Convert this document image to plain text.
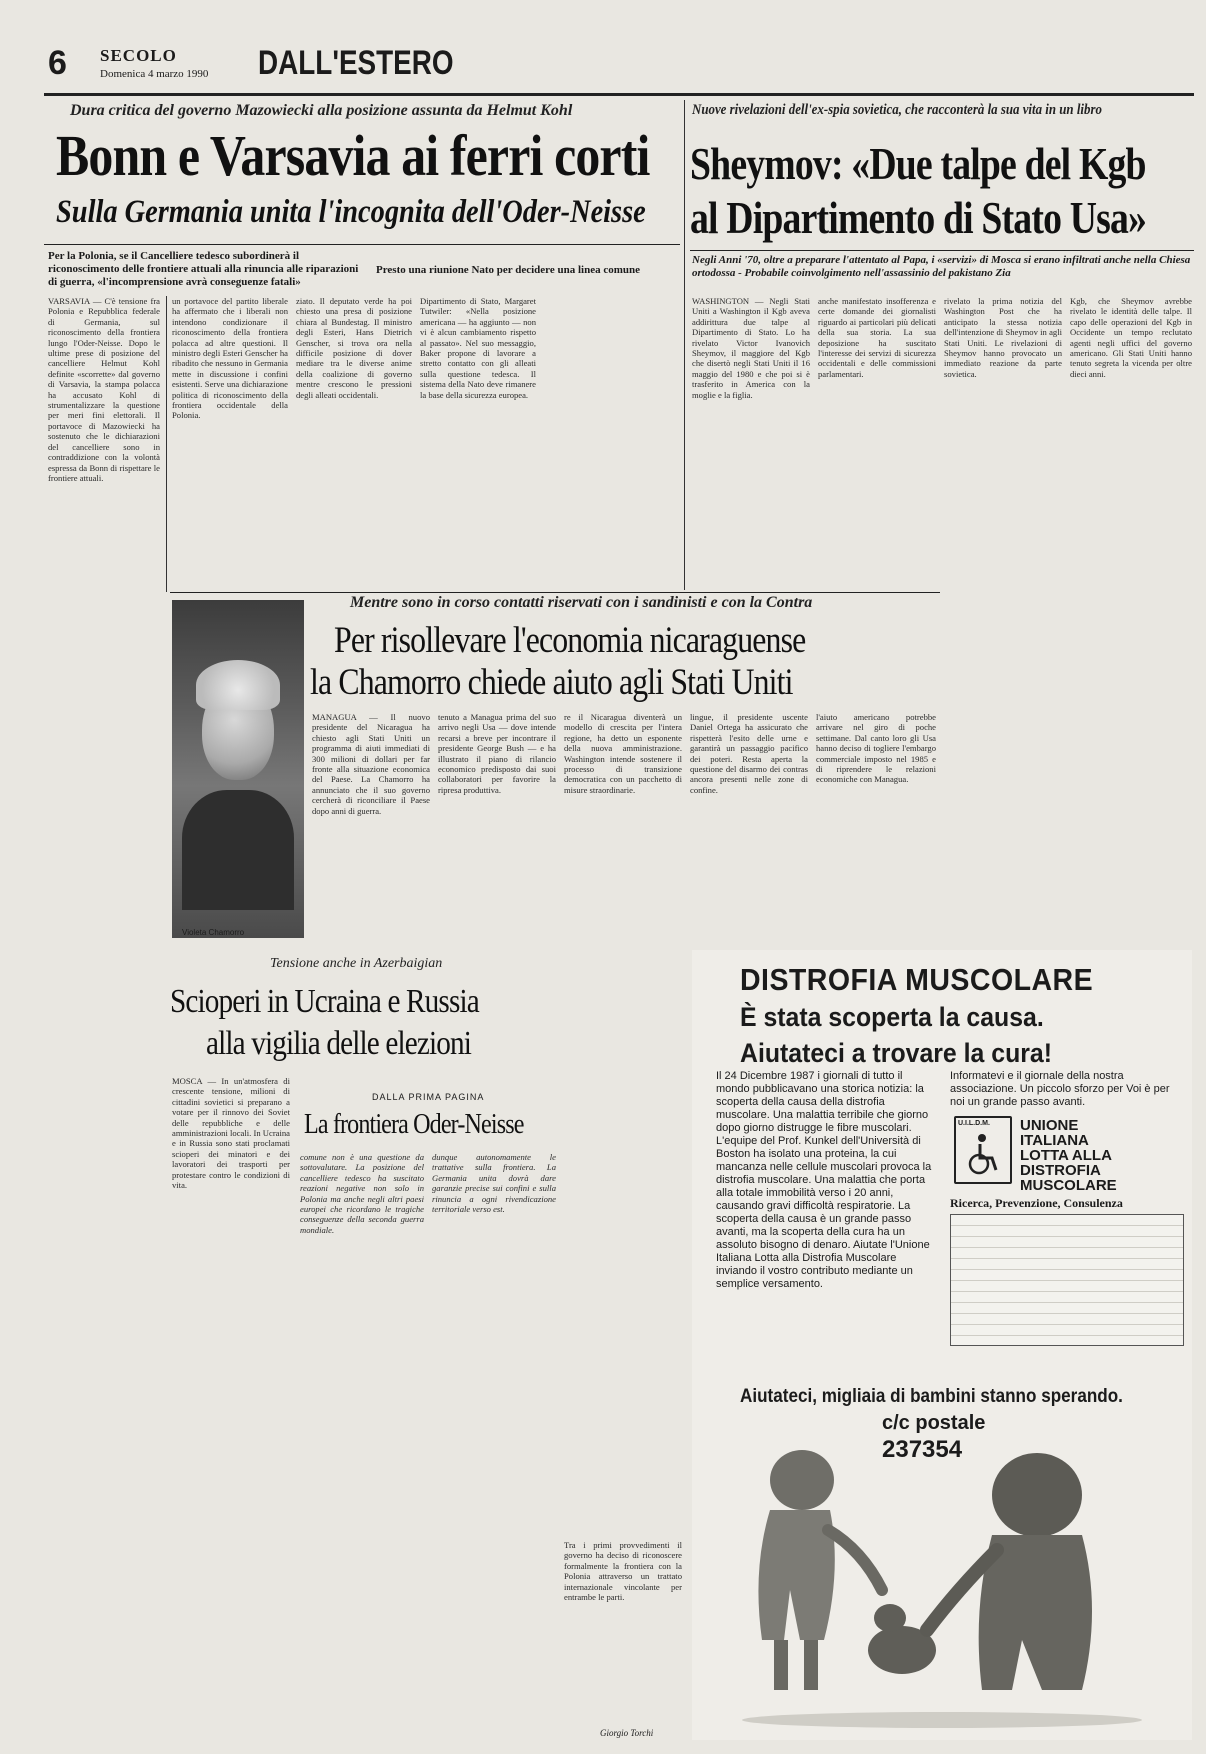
6 SECOLO
Domenica 4 marzo 1990 DALL'ESTERO
Dura critica del governo Mazowiecki alla posizione assunta da Helmut Kohl
Bonn e Varsavia ai ferri corti
Sulla Germania unita l'incognita dell'Oder-Neisse
Per la Polonia, se il Cancelliere tedesco subordinerà il riconoscimento delle frontiere attuali alla rinuncia alle riparazioni di guerra, «l'incomprensione avrà conseguenze fatali»
Presto una riunione Nato per decidere una linea comune
VARSAVIA — C'è tensione fra Polonia e Repubblica federale di Germania, sul riconoscimento della frontiera lungo l'Oder-Neisse. Dopo le ultime prese di posizione del cancelliere Helmut Kohl definite «scorrette» dal governo di Varsavia, la stampa polacca ha accusato Kohl di strumentalizzare la questione per meri fini elettorali. Il portavoce di Mazowiecki ha sostenuto che le dichiarazioni del cancelliere sono in contraddizione con la volontà espressa da Bonn di rispettare le frontiere attuali.
un portavoce del partito liberale ha affermato che i liberali non intendono condizionare il riconoscimento della frontiera polacca ad altre questioni. Il ministro degli Esteri Genscher ha ribadito che nessuno in Germania mette in discussione i confini esistenti. Serve una dichiarazione politica di riconoscimento della frontiera occidentale della Polonia.
ziato. Il deputato verde ha poi chiesto una presa di posizione chiara al Bundestag. Il ministro degli Esteri, Hans Dietrich Genscher, si trova ora nella difficile posizione di dover mediare tra le diverse anime della coalizione di governo mentre crescono le pressioni degli alleati occidentali.
Dipartimento di Stato, Margaret Tutwiler: «Nella posizione americana — ha aggiunto — non vi è alcun cambiamento rispetto al passato». Nel suo messaggio, Baker propone di lavorare a stretto contatto con gli alleati sulla questione tedesca. Il sistema della Nato deve rimanere la base della sicurezza europea.
Nuove rivelazioni dell'ex-spia sovietica, che racconterà la sua vita in un libro
Sheymov: «Due talpe del Kgb
al Dipartimento di Stato Usa»
Negli Anni '70, oltre a preparare l'attentato al Papa, i «servizi» di Mosca si erano infiltrati anche nella Chiesa ortodossa - Probabile coinvolgimento nell'assassinio del pakistano Zia
WASHINGTON — Negli Stati Uniti a Washington il Kgb aveva addirittura due talpe al Dipartimento di Stato. Lo ha rivelato Victor Ivanovich Sheymov, il maggiore del Kgb che disertò negli Stati Uniti il 16 maggio del 1980 e che poi si è trasferito in America con la moglie e la figlia.
anche manifestato insofferenza e certe domande dei giornalisti riguardo ai particolari più delicati della sua storia. La sua deposizione ha suscitato l'interesse dei servizi di sicurezza occidentali e delle commissioni parlamentari.
rivelato la prima notizia del Washington Post che ha anticipato la stessa notizia dell'intenzione di Sheymov in agli Stati Uniti. Le rivelazioni di Sheymov hanno provocato un immediato reazione da parte sovietica.
Kgb, che Sheymov avrebbe rivelato le identità delle talpe. Il capo delle operazioni del Kgb in Occidente un tempo reclutato agenti negli uffici del governo americano. Gli Stati Uniti hanno tenuto segreta la vicenda per oltre dieci anni.
Mentre sono in corso contatti riservati con i sandinisti e con la Contra
Per risollevare l'economia nicaraguense
la Chamorro chiede aiuto agli Stati Uniti
Violeta Chamorro
MANAGUA — Il nuovo presidente del Nicaragua ha chiesto agli Stati Uniti un programma di aiuti immediati di 300 milioni di dollari per far fronte alla situazione economica del Paese. La Chamorro ha annunciato che il suo governo cercherà di riconciliare il Paese dopo anni di guerra.
tenuto a Managua prima del suo arrivo negli Usa — dove intende recarsi a breve per incontrare il presidente George Bush — e ha illustrato il piano di rilancio economico predisposto dai suoi collaboratori per favorire la ripresa produttiva.
re il Nicaragua diventerà un modello di crescita per l'intera regione, ha detto un esponente della nuova amministrazione. Washington intende sostenere il processo di transizione democratica con un pacchetto di misure straordinarie.
lingue, il presidente uscente Daniel Ortega ha assicurato che rispetterà l'esito delle urne e garantirà un passaggio pacifico dei poteri. Resta aperta la questione del disarmo dei contras ancora presenti nelle zone di confine.
l'aiuto americano potrebbe arrivare nel giro di poche settimane. Dal canto loro gli Usa hanno deciso di togliere l'embargo commerciale imposto nel 1985 e di riprendere le relazioni economiche con Managua.
Tensione anche in Azerbaigian
Scioperi in Ucraina e Russia
alla vigilia delle elezioni
MOSCA — In un'atmosfera di crescente tensione, milioni di cittadini sovietici si preparano a votare per il rinnovo dei Soviet delle repubbliche e delle amministrazioni locali. In Ucraina e in Russia sono stati proclamati scioperi dei minatori e dei lavoratori dei trasporti per protestare contro le condizioni di vita.
DALLA PRIMA PAGINA
La frontiera Oder-Neisse
comune non è una questione da sottovalutare. La posizione del cancelliere tedesco ha suscitato reazioni negative non solo in Polonia ma anche negli altri paesi europei che ricordano le tragiche conseguenze della seconda guerra mondiale.
dunque autonomamente le trattative sulla frontiera. La Germania unita dovrà dare garanzie precise sui confini e sulla rinuncia a ogni rivendicazione territoriale verso est.
Tra i primi provvedimenti il governo ha deciso di riconoscere formalmente la frontiera con la Polonia attraverso un trattato internazionale vincolante per entrambe le parti.
Giorgio Torchi
DISTROFIA MUSCOLARE
È stata scoperta la causa.
Aiutateci a trovare la cura!
Il 24 Dicembre 1987 i giornali di tutto il mondo pubblicavano una storica notizia: la scoperta della causa della distrofia muscolare. Una malattia terribile che giorno dopo giorno distrugge le fibre muscolari. L'equipe del Prof. Kunkel dell'Università di Boston ha isolato una proteina, la cui mancanza nelle cellule muscolari provoca la distrofia muscolare. Una malattia che porta alla totale immobilità verso i 20 anni, causando gravi difficoltà respiratorie. La scoperta della causa è un grande passo avanti, ma la scoperta della cura ha un assoluto bisogno di denaro. Aiutate l'Unione Italiana Lotta alla Distrofia Muscolare inviando il vostro contributo mediante un semplice versamento.
Informatevi e il giornale della nostra associazione. Un piccolo sforzo per Voi è per noi un grande passo avanti.
U.I.L.D.M. UNIONE
ITALIANA
LOTTA ALLA
DISTROFIA
MUSCOLARE
Ricerca, Prevenzione, Consulenza
Aiutateci, migliaia di bambini stanno sperando.
c/c postale
237354
